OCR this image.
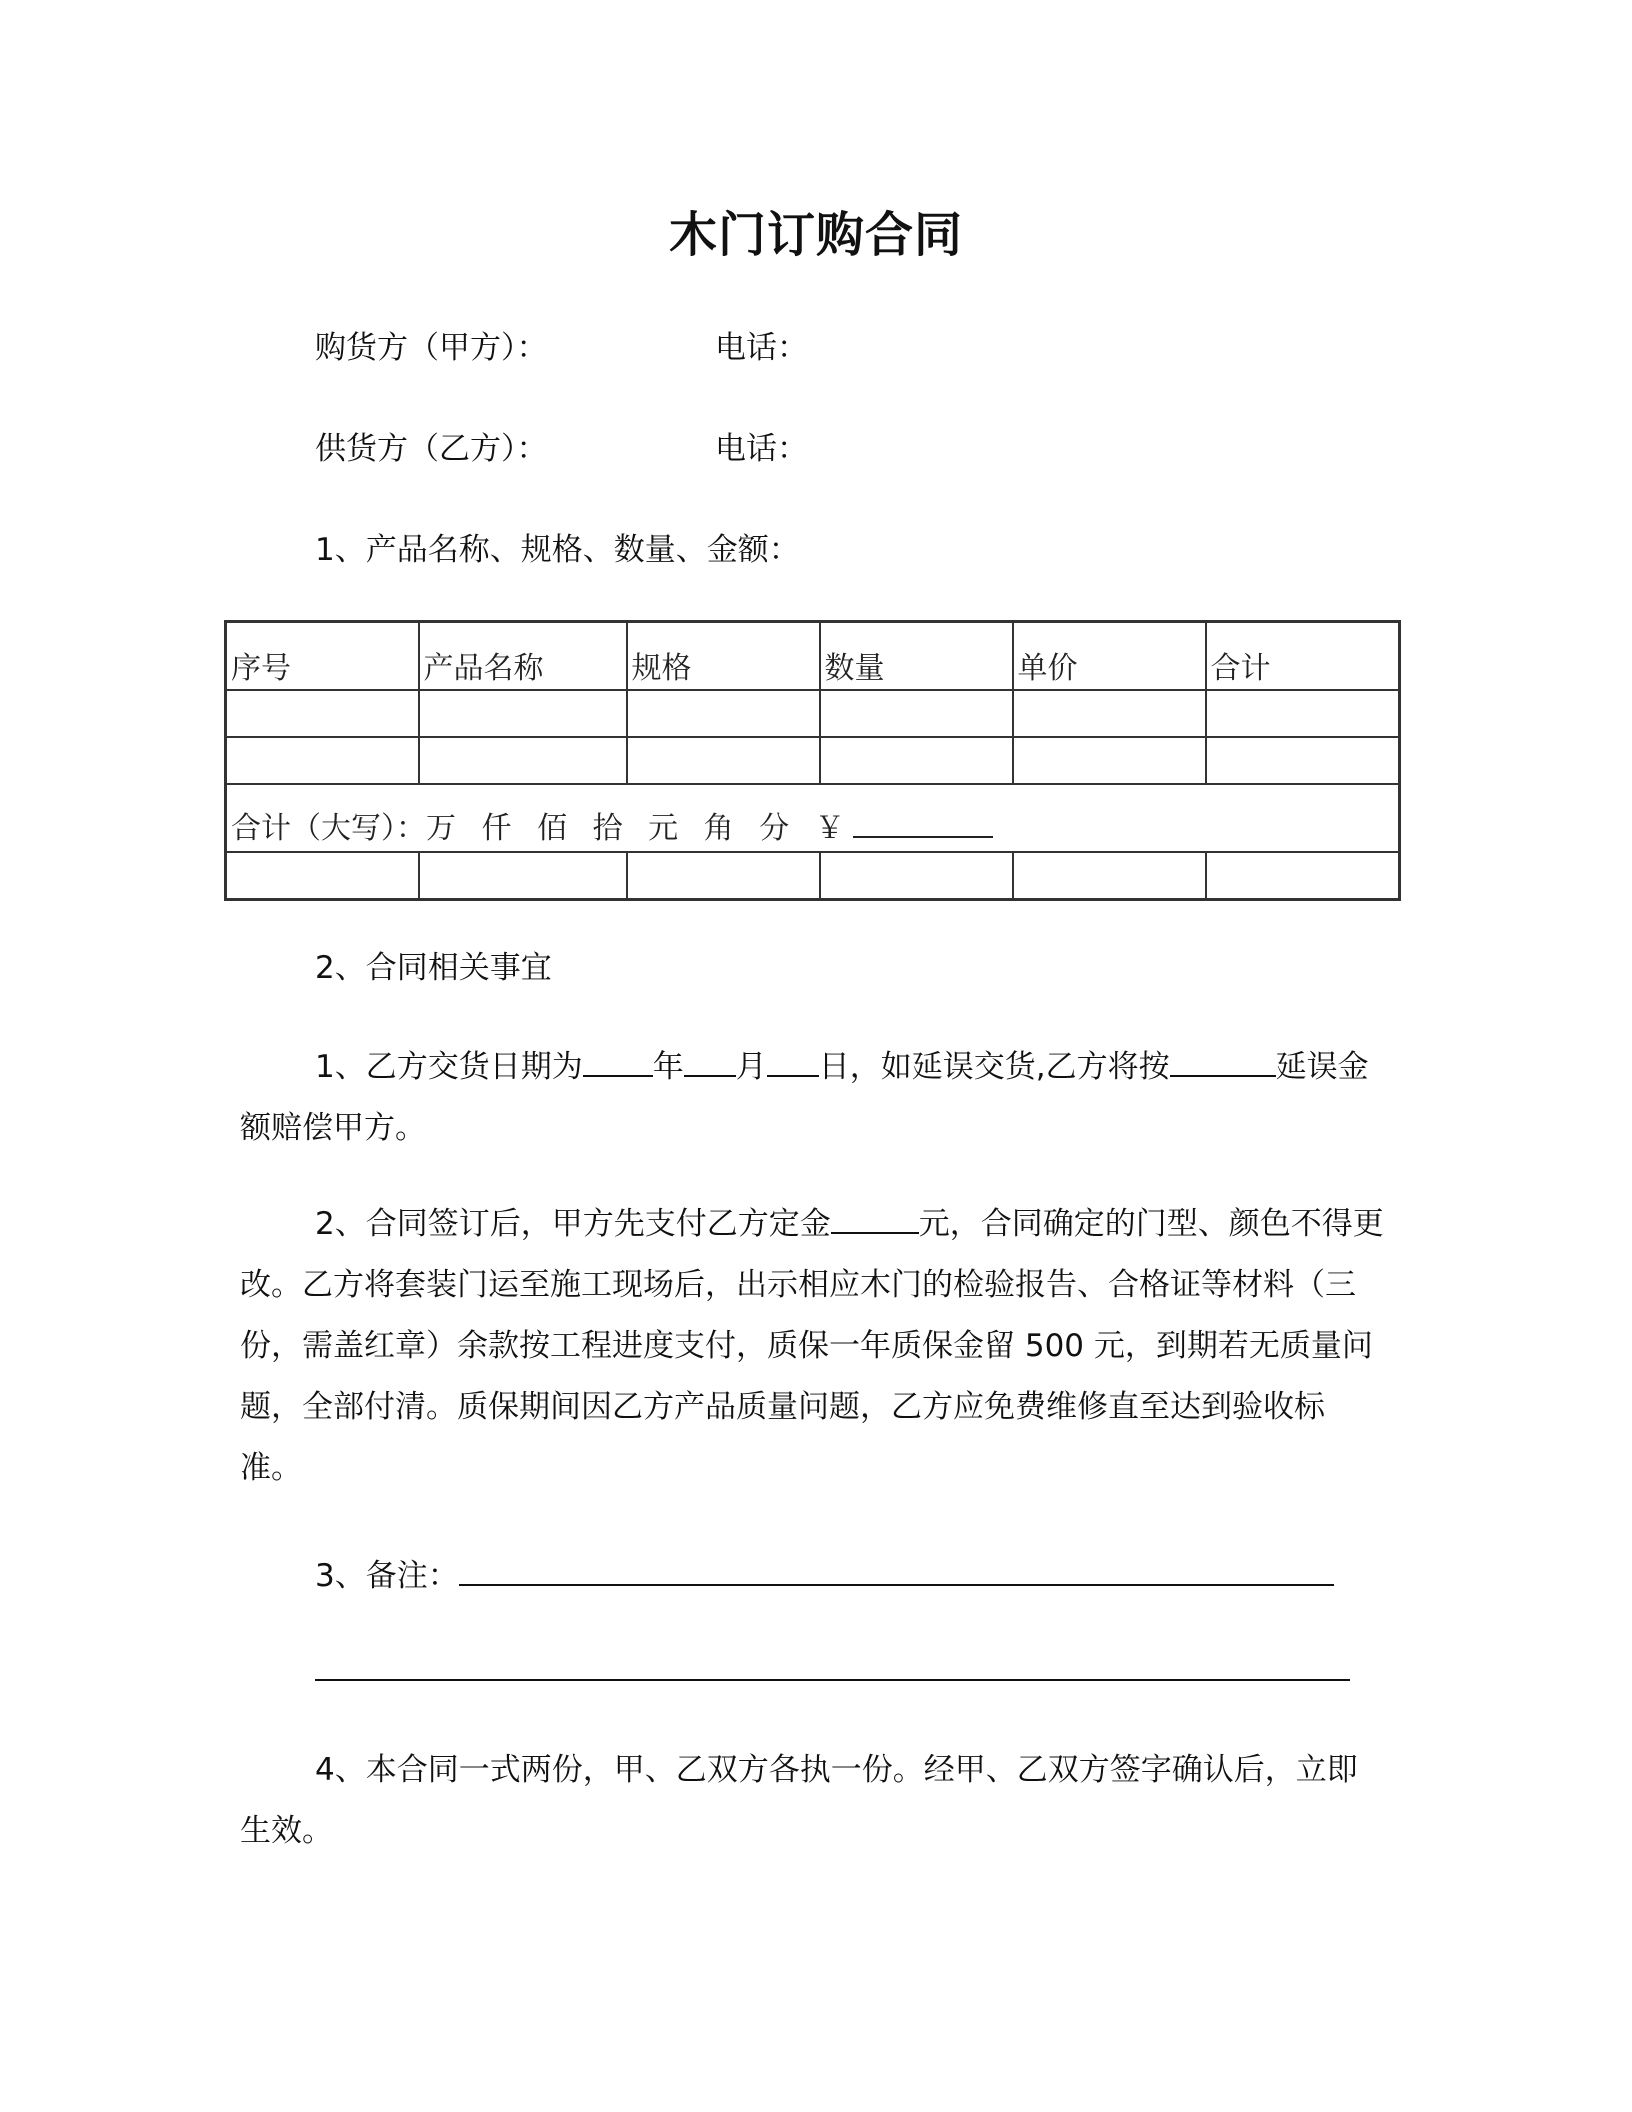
木门订购合同
购货方（甲方）：	电话：
供货方（乙方）：	电话：
1、产品名称、规格、数量、金额：
序号	产品名称	规格	数量	单价	合计

合计（大写）：万 仟 佰 拾 元 角 分 ￥					

2、合同相关事宜
1、乙方交货日期为 年 月 日，如延误交货,乙方将按	延误金额赔偿甲方。
2、合同签订后，甲方先支付乙方定金	元，合同确定的门型、颜色不得更改。乙方将套装门运至施工现场后，出示相应木门的检验报告、合格证等材料（三份，需盖红章）余款按工程进度支付，质保一年质保金留 500 元，到期若无质量问题，全部付清。质保期间因乙方产品质量问题，乙方应免费维修直至达到验收标准。
3、备注：
4、本合同一式两份，甲、乙双方各执一份。经甲、乙双方签字确认后，立即生效。
